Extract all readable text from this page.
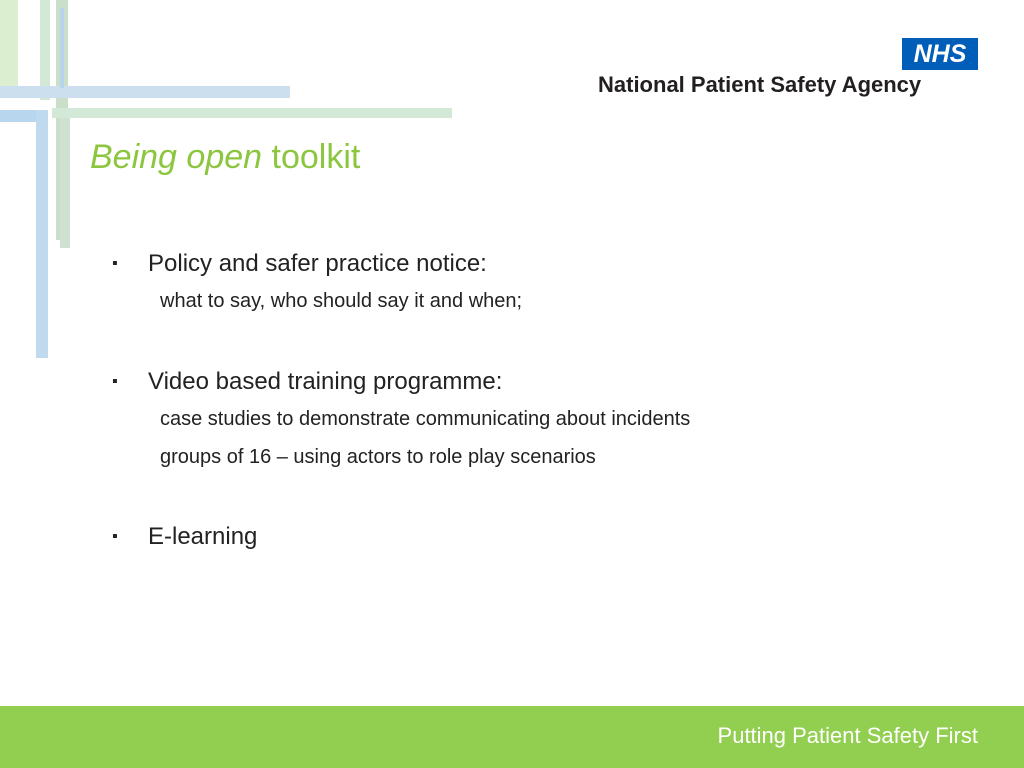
NHS
National Patient Safety Agency
Being open toolkit
▪ Policy and safer practice notice:
what to say, who should say it and when;
▪ Video based training programme:
case studies to demonstrate communicating about incidents
groups of 16 – using actors to role play scenarios
▪ E-learning
Putting Patient Safety First
